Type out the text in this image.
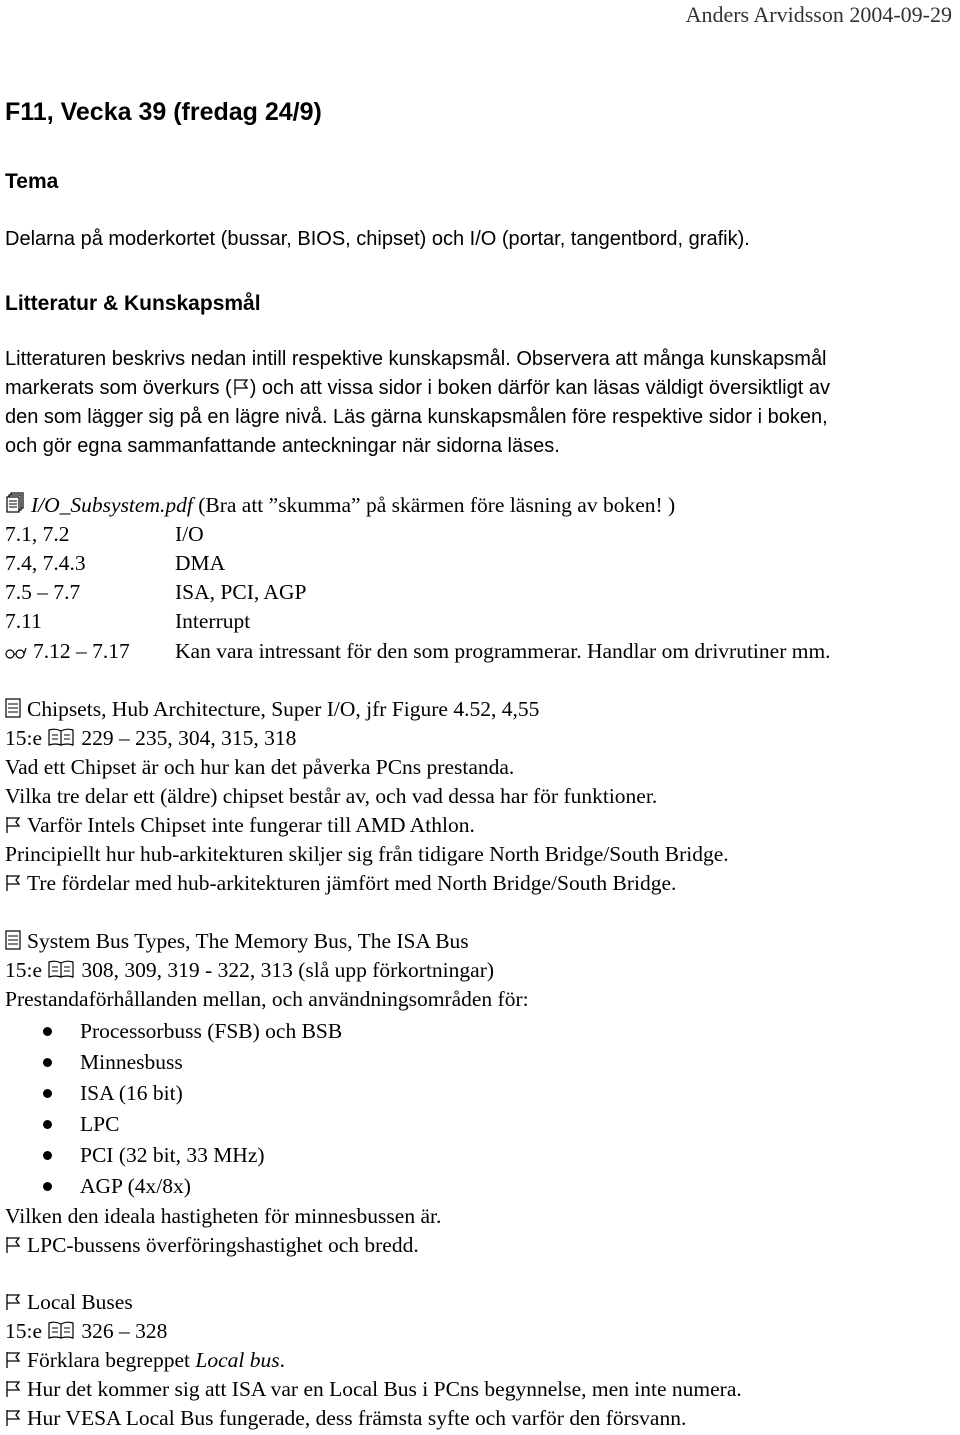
Anders Arvidsson 2004-09-29
F11, Vecka 39 (fredag 24/9)
Tema
Delarna på moderkortet (bussar, BIOS, chipset) och I/O (portar, tangentbord, grafik).
Litteratur & Kunskapsmål
Litteraturen beskrivs nedan intill respektive kunskapsmål. Observera att många kunskapsmål
markerats som överkurs ( ) och att vissa sidor i boken därför kan läsas väldigt översiktligt av
den som lägger sig på en lägre nivå. Läs gärna kunskapsmålen före respektive sidor i boken,
och gör egna sammanfattande anteckningar när sidorna läses.
I/O_Subsystem.pdf (Bra att ”skumma” på skärmen före läsning av boken! )
7.1, 7.2	I/O
7.4, 7.4.3	DMA
7.5 – 7.7	ISA, PCI, AGP
7.11	Interrupt
7.12 – 7.17 Kan vara intressant för den som programmerar. Handlar om drivrutiner mm.
Chipsets, Hub Architecture, Super I/O, jfr Figure 4.52, 4,55
15:e 229 – 235, 304, 315, 318
Vad ett Chipset är och hur kan det påverka PCns prestanda.
Vilka tre delar ett (äldre) chipset består av, och vad dessa har för funktioner.
Varför Intels Chipset inte fungerar till AMD Athlon.
Principiellt hur hub-arkitekturen skiljer sig från tidigare North Bridge/South Bridge.
Tre fördelar med hub-arkitekturen jämfört med North Bridge/South Bridge.
System Bus Types, The Memory Bus, The ISA Bus
15:e 308, 309, 319 - 322, 313 (slå upp förkortningar)
Prestandaförhållanden mellan, och användningsområden för:
Processorbuss (FSB) och BSB
Minnesbuss
ISA (16 bit)
LPC
PCI (32 bit, 33 MHz)
AGP (4x/8x)
Vilken den ideala hastigheten för minnesbussen är.
LPC-bussens överföringshastighet och bredd.
Local Buses
15:e 326 – 328
Förklara begreppet Local bus.
Hur det kommer sig att ISA var en Local Bus i PCns begynnelse, men inte numera.
Hur VESA Local Bus fungerade, dess främsta syfte och varför den försvann.
